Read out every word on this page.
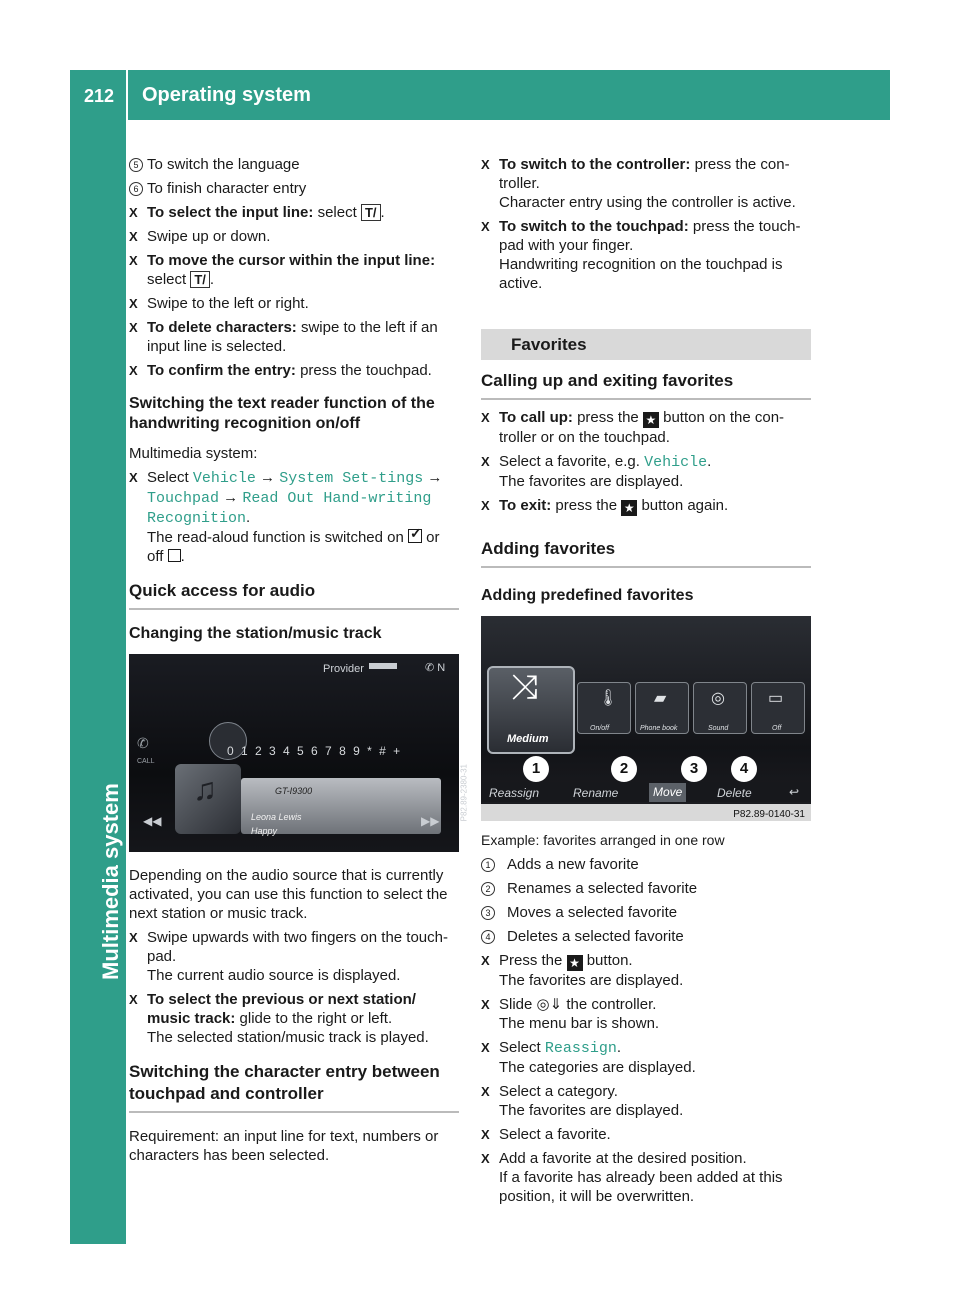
212 Operating system
Multimedia system
5 To switch the language
6 To finish character entry
X To select the input line: select T/ .
X Swipe up or down.
X To move the cursor within the input line:
select T/ .
X Swipe to the left or right.
X To delete characters: swipe to the left if an input line is selected.
X To confirm the entry: press the touchpad.
Switching the text reader function of the handwriting recognition on/off
Multimedia system:
X Select Vehicle → System Set‐tings → Touchpad → Read Out Hand‐writing Recognition.
The read-aloud function is switched on ✓ or
off .
Quick access for audio
Changing the station/music track
Provider	✆ N
0 1 2 3 4 5 6 7 8 9 * # +
✆
CALL
♫	GT-I9300
Leona Lewis
Happy
◀◀	▶▶	P82.89-2380-31
Depending on the audio source that is currently activated, you can use this function to select the next station or music track.
X Swipe upwards with two fingers on the touch-pad.
The current audio source is displayed.
X To select the previous or next station/ music track: glide to the right or left.
The selected station/music track is played.
Switching the character entry between touchpad and controller
Requirement: an input line for text, numbers or characters has been selected.
X To switch to the controller: press the con-troller.
Character entry using the controller is active.
X To switch to the touchpad: press the touch-pad with your finger.
Handwriting recognition on the touchpad is active.
Favorites
Calling up and exiting favorites
X To call up: press the ★ button on the con-troller or on the touchpad.
X Select a favorite, e.g. Vehicle.
The favorites are displayed.
X To exit: press the ★ button again.
Adding favorites
Adding predefined favorites
⤨
Medium
🌡
On/off
▰
Phone book
◎
Sound
▭
Off
1	2	3	4
Reassign	Rename	Move	Delete	↩
P82.89-0140-31
Example: favorites arranged in one row
1	Adds a new favorite
2	Renames a selected favorite
3	Moves a selected favorite
4	Deletes a selected favorite
X Press the ★ button.
The favorites are displayed.
X Slide ◎⇓ the controller.
The menu bar is shown.
X Select Reassign.
The categories are displayed.
X Select a category.
The favorites are displayed.
X Select a favorite.
X Add a favorite at the desired position.
If a favorite has already been added at this position, it will be overwritten.
